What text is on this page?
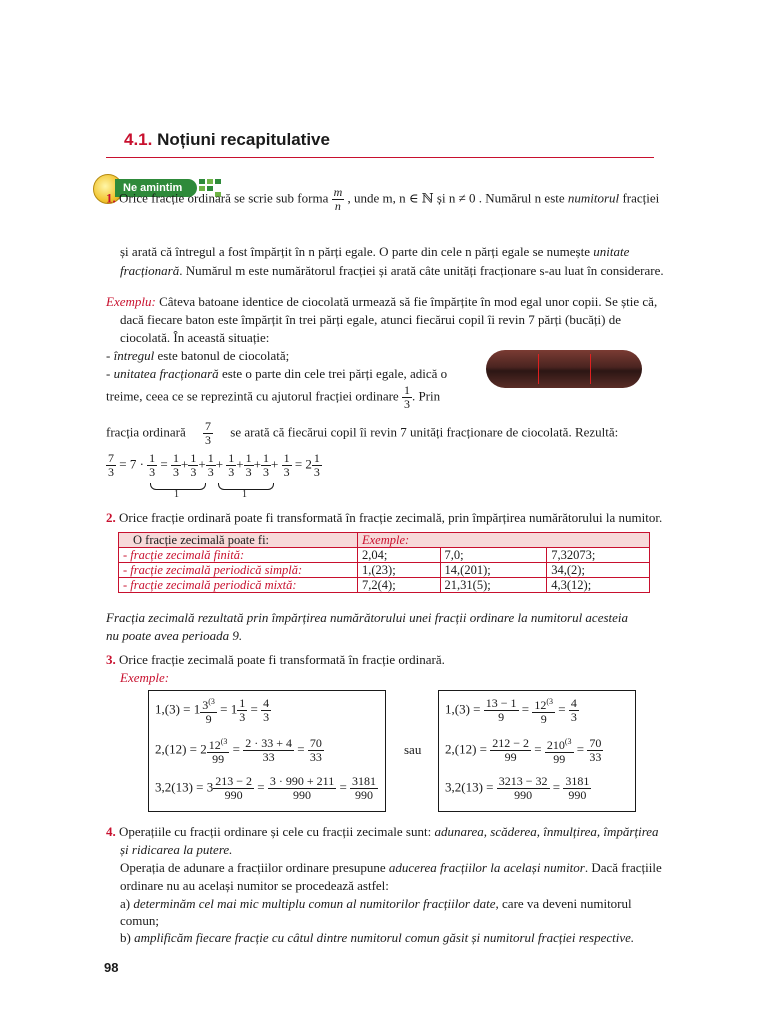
4.1. Noțiuni recapitulative
Ne amintim
1. Orice fracție ordinară se scrie sub forma $\frac{m}{n}$ , unde m, n ∈ ℕ și n ≠ 0 . Numărul n este numitorul fracției
și arată că întregul a fost împărțit în n părți egale. O parte din cele n părți egale se numește unitate
fracționară. Numărul m este numărătorul fracției și arată câte unități fracționare s-au luat în considerare.
Exemplu: Câteva batoane identice de ciocolată urmează să fie împărțite în mod egal unor copii. Se știe că,
dacă fiecare baton este împărțit în trei părți egale, atunci fiecărui copil îi revin 7 părți (bucăți) de
ciocolată. În această situație:
- întregul este batonul de ciocolată;
- unitatea fracționară este o parte din cele trei părți egale, adică o
treime, ceea ce se reprezintă cu ajutorul fracției ordinare $\frac{1}{3}$ . Prin
fracția ordinară $\frac{7}{3}$ se arată că fiecărui copil îi revin 7 unități fracționare de ciocolată. Rezultă:
$\frac{7}{3} = 7 \cdot \frac{1}{3} = \frac{1}{3} + \frac{1}{3} + \frac{1}{3} + \frac{1}{3} + \frac{1}{3} + \frac{1}{3} + \frac{1}{3} = 2 \frac{1}{3}$
1	1
2. Orice fracție ordinară poate fi transformată în fracție zecimală, prin împărțirea numărătorului la numitor.
O fracție zecimală poate fi:	Exemple:		
- fracție zecimală finită:	2,04;	7,0;	7,32073;
- fracție zecimală periodică simplă:	1,(23);	14,(201);	34,(2);
- fracție zecimală periodică mixtă:	7,2(4);	21,31(5);	4,3(12);
Fracția zecimală rezultată prin împărțirea numărătorului unei fracții ordinare la numitorul acesteia
nu poate avea perioada 9.
3. Orice fracție zecimală poate fi transformată în fracție ordinară.
Exemple:
$1,(3) = 1 \frac{3^{(3}}{9} = 1 \frac{1}{3} = \frac{4}{3}$
$2,(12) = 2 \frac{12^{(3}}{99} = \frac{2 \cdot 33 + 4}{33} = \frac{70}{33}$
$3,2(13) = 3 \frac{213 - 2}{990} = \frac{3 \cdot 990 + 211}{990} = \frac{3181}{990}$
sau
$1,(3) = \frac{13 - 1}{9} = \frac{12^{(3}}{9} = \frac{4}{3}$
$2,(12) = \frac{212 - 2}{99} = \frac{210^{(3}}{99} = \frac{70}{33}$
$3,2(13) = \frac{3213 - 32}{990} = \frac{3181}{990}$
4. Operațiile cu fracții ordinare și cele cu fracții zecimale sunt: adunarea, scăderea, înmulțirea, împărțirea
și ridicarea la putere.
Operația de adunare a fracțiilor ordinare presupune aducerea fracțiilor la același numitor. Dacă fracțiile
ordinare nu au același numitor se procedează astfel:
a) determinăm cel mai mic multiplu comun al numitorilor fracțiilor date, care va deveni numitorul
comun;
b) amplificăm fiecare fracție cu câtul dintre numitorul comun găsit și numitorul fracției respective.
98
